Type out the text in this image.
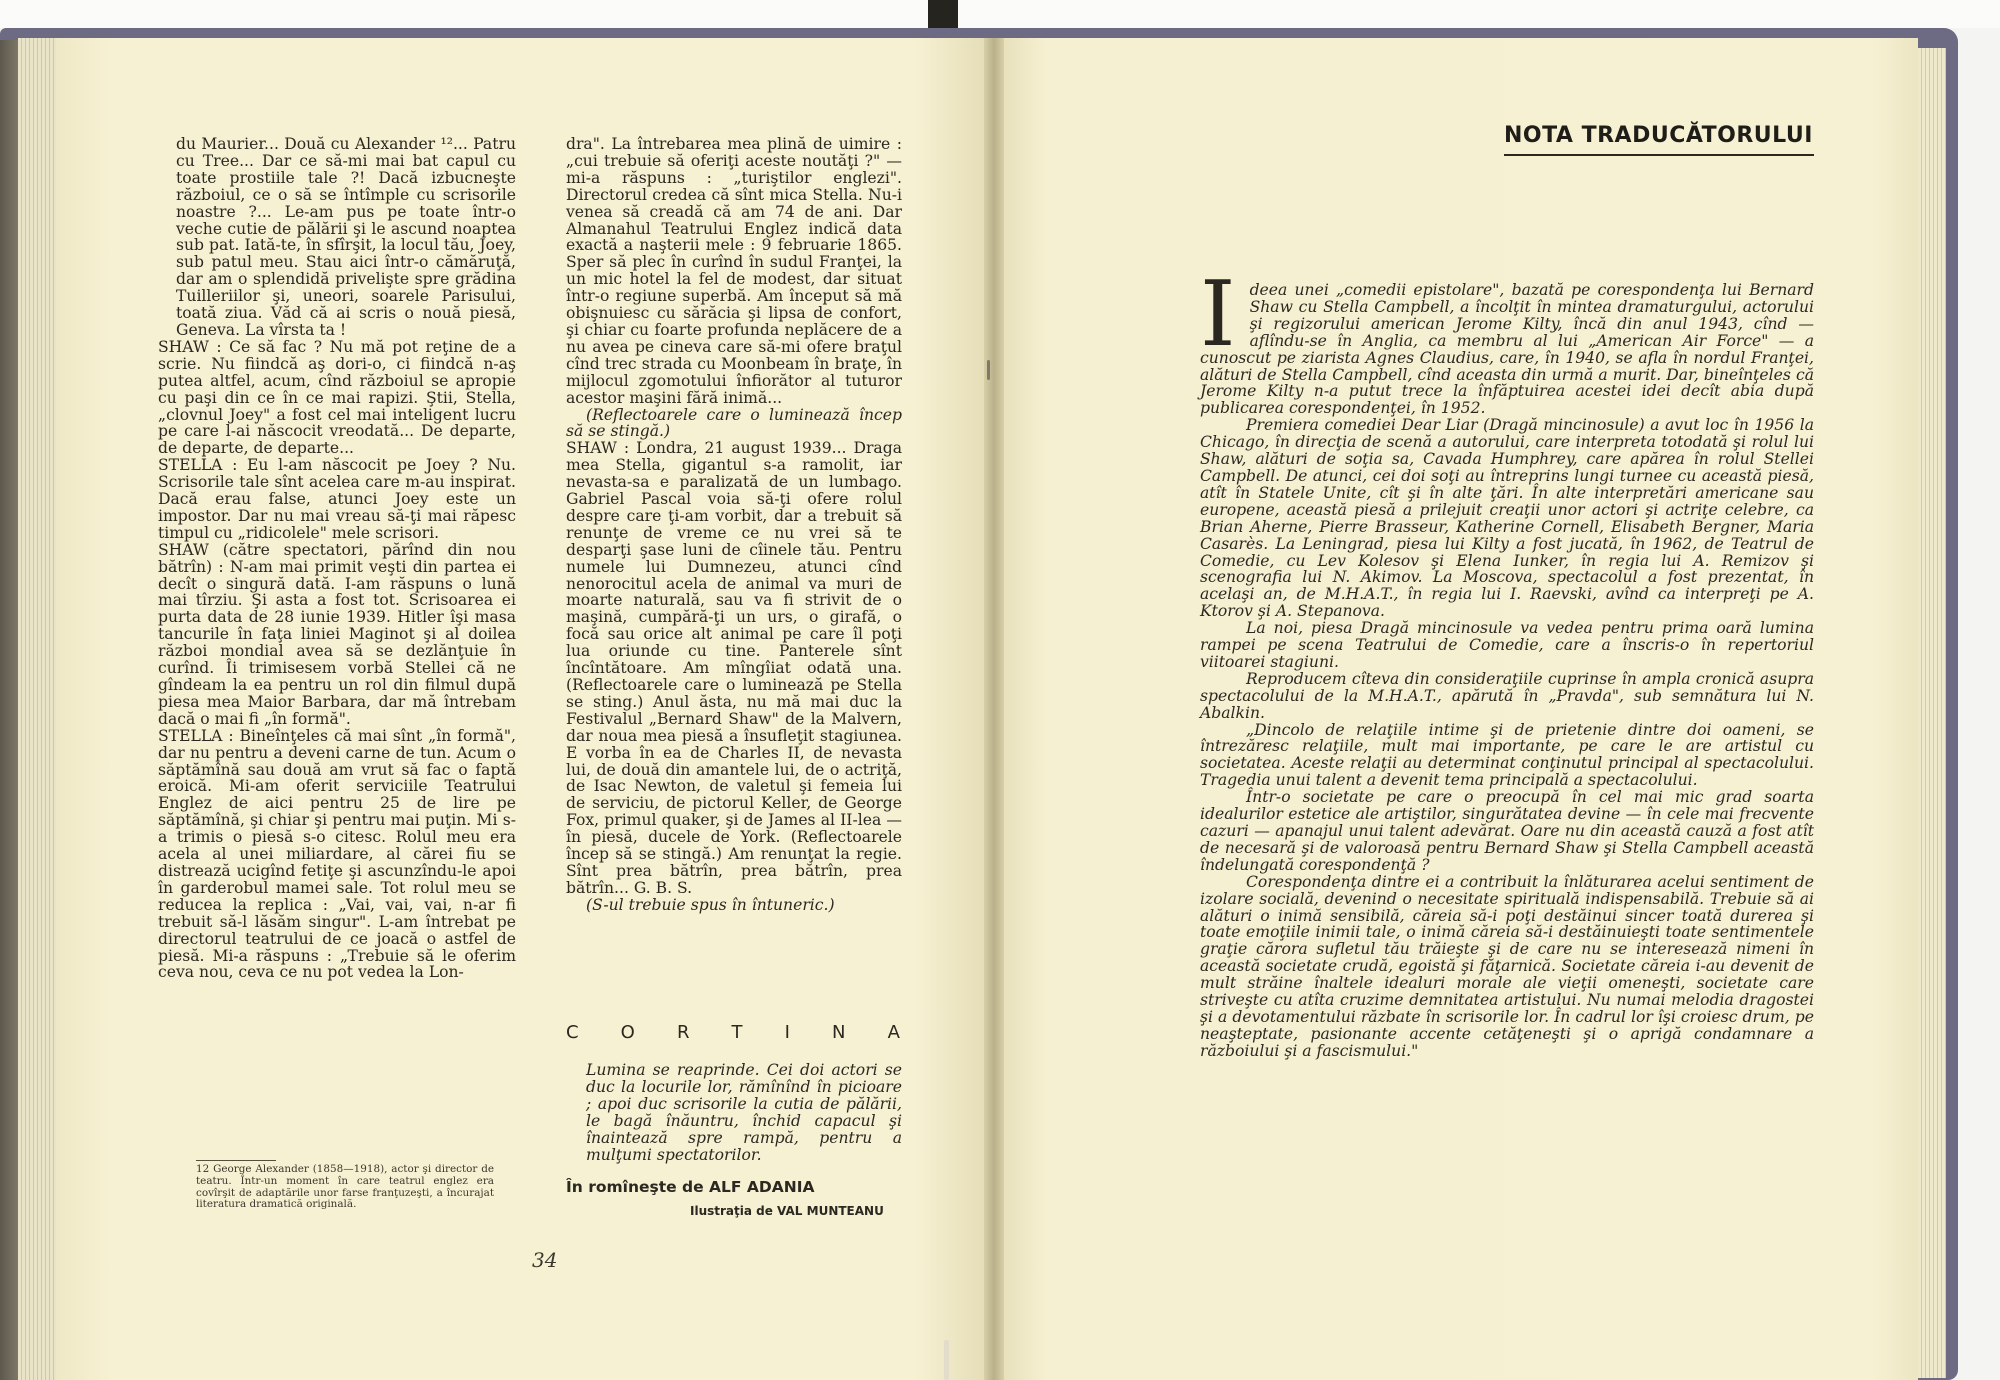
du Maurier... Două cu Alexander ¹²... Patru cu Tree... Dar ce să-mi mai bat capul cu toate prostiile tale ?! Dacă izbucneşte războiul, ce o să se întîmple cu scrisorile noastre ?... Le-am pus pe toate într-o veche cutie de pălării şi le ascund noaptea sub pat. Iată-te, în sfîrşit, la locul tău, Joey, sub patul meu. Stau aici într-o cămăruţă, dar am o splendidă privelişte spre grădina Tuilleriilor şi, uneori, soarele Parisului, toată ziua. Văd că ai scris o nouă piesă, Geneva. La vîrsta ta !

SHAW : Ce să fac ? Nu mă pot reţine de a scrie. Nu fiindcă aş dori-o, ci fiindcă n-aş putea altfel, acum, cînd războiul se apropie cu paşi din ce în ce mai rapizi. Ştii, Stella, „clovnul Joey" a fost cel mai inteligent lucru pe care l-ai născocit vreodată... De departe, de departe, de departe...

STELLA : Eu l-am născocit pe Joey ? Nu. Scrisorile tale sînt acelea care m-au inspirat. Dacă erau false, atunci Joey este un impostor. Dar nu mai vreau să-ţi mai răpesc timpul cu „ridicolele" mele scrisori.

SHAW (către spectatori, părînd din nou bătrîn) : N-am mai primit veşti din partea ei decît o singură dată. I-am răspuns o lună mai tîrziu. Şi asta a fost tot. Scrisoarea ei purta data de 28 iunie 1939. Hitler îşi masa tancurile în faţa liniei Maginot şi al doilea război mondial avea să se dezlănţuie în curînd. Îi trimisesem vorbă Stellei că ne gîndeam la ea pentru un rol din filmul după piesa mea Maior Barbara, dar mă întrebam dacă o mai fi „în formă".

STELLA : Bineînţeles că mai sînt „în formă", dar nu pentru a deveni carne de tun. Acum o săptămînă sau două am vrut să fac o faptă eroică. Mi-am oferit serviciile Teatrului Englez de aici pentru 25 de lire pe săptămînă, şi chiar şi pentru mai puţin. Mi s-a trimis o piesă s-o citesc. Rolul meu era acela al unei miliardare, al cărei fiu se distrează ucigînd fetiţe şi ascunzîndu-le apoi în garderobul mamei sale. Tot rolul meu se reducea la replica : „Vai, vai, vai, n-ar fi trebuit să-l lăsăm singur". L-am întrebat pe directorul teatrului de ce joacă o astfel de piesă. Mi-a răspuns : „Trebuie să le oferim ceva nou, ceva ce nu pot vedea la Lon-

dra". La întrebarea mea plină de uimire : „cui trebuie să oferiţi aceste noutăţi ?" — mi-a răspuns : „turiştilor englezi". Directorul credea că sînt mica Stella. Nu-i venea să creadă că am 74 de ani. Dar Almanahul Teatrului Englez indică data exactă a naşterii mele : 9 februarie 1865. Sper să plec în curînd în sudul Franţei, la un mic hotel la fel de modest, dar situat într-o regiune superbă. Am început să mă obişnuiesc cu sărăcia şi lipsa de confort, şi chiar cu foarte profunda neplăcere de a nu avea pe cineva care să-mi ofere braţul cînd trec strada cu Moonbeam în braţe, în mijlocul zgomotului înfiorător al tuturor acestor maşini fără inimă...

(Reflectoarele care o luminează încep să se stingă.)

SHAW : Londra, 21 august 1939... Draga mea Stella, gigantul s-a ramolit, iar nevasta-sa e paralizată de un lumbago. Gabriel Pascal voia să-ţi ofere rolul despre care ţi-am vorbit, dar a trebuit să renunţe de vreme ce nu vrei să te desparţi şase luni de cîinele tău. Pentru numele lui Dumnezeu, atunci cînd nenorocitul acela de animal va muri de moarte naturală, sau va fi strivit de o maşină, cumpără-ţi un urs, o girafă, o focă sau orice alt animal pe care îl poţi lua oriunde cu tine. Panterele sînt încîntătoare. Am mîngîiat odată una. (Reflectoarele care o luminează pe Stella se sting.) Anul ăsta, nu mă mai duc la Festivalul „Bernard Shaw" de la Malvern, dar noua mea piesă a însufleţit stagiunea. E vorba în ea de Charles II, de nevasta lui, de două din amantele lui, de o actriţă, de Isac Newton, de valetul şi femeia lui de serviciu, de pictorul Keller, de George Fox, primul quaker, şi de James al II-lea — în piesă, ducele de York. (Reflectoarele încep să se stingă.) Am renunţat la regie. Sînt prea bătrîn, prea bătrîn, prea bătrîn... G. B. S.

(S-ul trebuie spus în întuneric.)

C O R T I N A
Lumina se reaprinde. Cei doi actori se duc la locurile lor, rămînînd în picioare ; apoi duc scrisorile la cutia de pălării, le bagă înăuntru, închid capacul şi înaintează spre rampă, pentru a mulţumi spectatorilor.
În romîneşte de ALF ADANIA
Ilustraţia de VAL MUNTEANU
12 George Alexander (1858—1918), actor şi director de teatru. Într-un moment în care teatrul englez era covîrşit de adaptările unor farse franţuzeşti, a încurajat literatura dramatică originală.
34
NOTA TRADUCĂTORULUI

Ideea unei „comedii epistolare", bazată pe corespondenţa lui Bernard Shaw cu Stella Campbell, a încolţit în mintea dramaturgului, actorului şi regizorului american Jerome Kilty, încă din anul 1943, cînd — aflîndu-se în Anglia, ca membru al lui „American Air Force" — a cunoscut pe ziarista Agnes Claudius, care, în 1940, se afla în nordul Franţei, alături de Stella Campbell, cînd aceasta din urmă a murit. Dar, bineînţeles că Jerome Kilty n-a putut trece la înfăptuirea acestei idei decît abia după publicarea corespondenţei, în 1952.

Premiera comediei Dear Liar (Dragă mincinosule) a avut loc în 1956 la Chicago, în direcţia de scenă a autorului, care interpreta totodată şi rolul lui Shaw, alături de soţia sa, Cavada Humphrey, care apărea în rolul Stellei Campbell. De atunci, cei doi soţi au întreprins lungi turnee cu această piesă, atît în Statele Unite, cît şi în alte ţări. În alte interpretări americane sau europene, această piesă a prilejuit creaţii unor actori şi actriţe celebre, ca Brian Aherne, Pierre Brasseur, Katherine Cornell, Elisabeth Bergner, Maria Casarès. La Leningrad, piesa lui Kilty a fost jucată, în 1962, de Teatrul de Comedie, cu Lev Kolesov şi Elena Iunker, în regia lui A. Remizov şi scenografia lui N. Akimov. La Moscova, spectacolul a fost prezentat, în acelaşi an, de M.H.A.T., în regia lui I. Raevski, avînd ca interpreţi pe A. Ktorov şi A. Stepanova.

La noi, piesa Dragă mincinosule va vedea pentru prima oară lumina rampei pe scena Teatrului de Comedie, care a înscris-o în repertoriul viitoarei stagiuni.

Reproducem cîteva din consideraţiile cuprinse în ampla cronică asupra spectacolului de la M.H.A.T., apărută în „Pravda", sub semnătura lui N. Abalkin.

„Dincolo de relaţiile intime şi de prietenie dintre doi oameni, se întrezăresc relaţiile, mult mai importante, pe care le are artistul cu societatea. Aceste relaţii au determinat conţinutul principal al spectacolului. Tragedia unui talent a devenit tema principală a spectacolului.

Într-o societate pe care o preocupă în cel mai mic grad soarta idealurilor estetice ale artiştilor, singurătatea devine — în cele mai frecvente cazuri — apanajul unui talent adevărat. Oare nu din această cauză a fost atît de necesară şi de valoroasă pentru Bernard Shaw şi Stella Campbell această îndelungată corespondenţă ?

Corespondenţa dintre ei a contribuit la înlăturarea acelui sentiment de izolare socială, devenind o necesitate spirituală indispensabilă. Trebuie să ai alături o inimă sensibilă, căreia să-i poţi destăinui sincer toată durerea şi toate emoţiile inimii tale, o inimă căreia să-i destăinuieşti toate sentimentele graţie cărora sufletul tău trăieşte şi de care nu se interesează nimeni în această societate crudă, egoistă şi făţarnică. Societate căreia i-au devenit de mult străine înaltele idealuri morale ale vieţii omeneşti, societate care striveşte cu atîta cruzime demnitatea artistului. Nu numai melodia dragostei şi a devotamentului răzbate în scrisorile lor. În cadrul lor îşi croiesc drum, pe neaşteptate, pasionante accente cetăţeneşti şi o aprigă condamnare a războiului şi a fascismului."
